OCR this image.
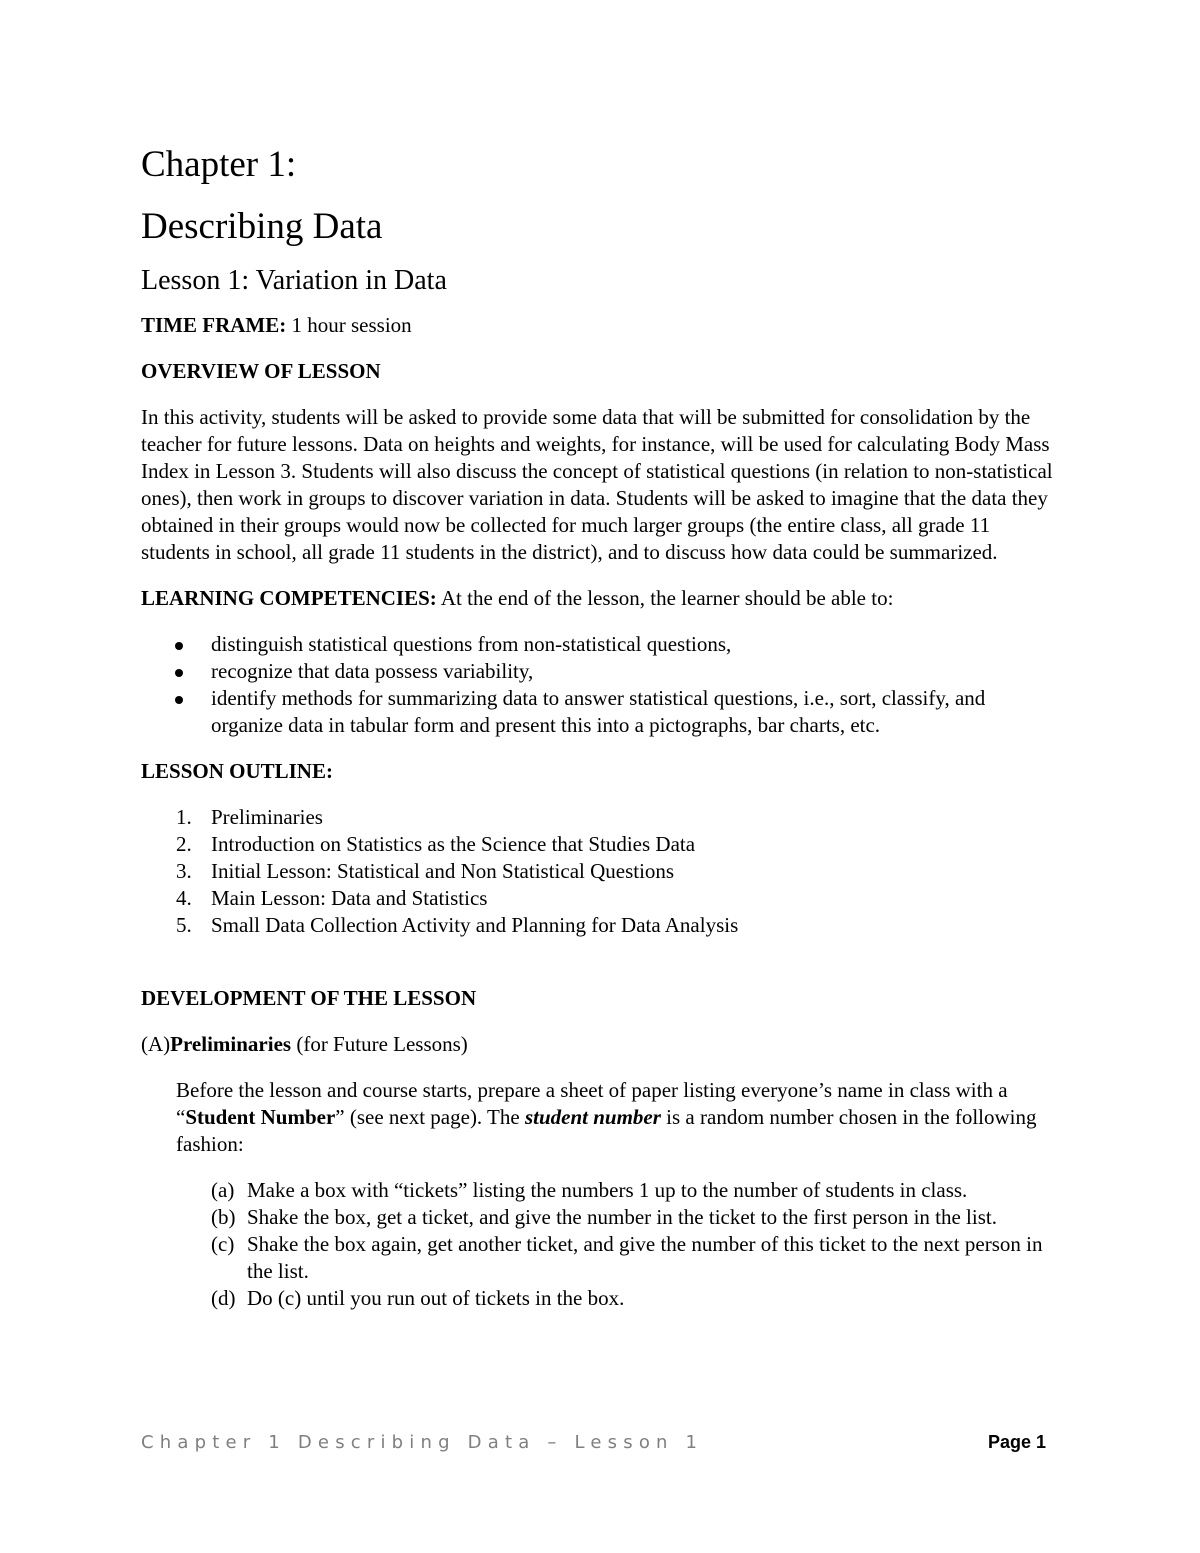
Chapter 1:
Describing Data
Lesson 1: Variation in Data
TIME FRAME: 1 hour session
OVERVIEW OF LESSON
In this activity, students will be asked to provide some data that will be submitted for consolidation by the teacher for future lessons. Data on heights and weights, for instance, will be used for calculating Body Mass Index in Lesson 3. Students will also discuss the concept of statistical questions (in relation to non-statistical ones), then work in groups to discover variation in data. Students will be asked to imagine that the data they obtained in their groups would now be collected for much larger groups (the entire class, all grade 11 students in school, all grade 11 students in the district), and to discuss how data could be summarized.
LEARNING COMPETENCIES: At the end of the lesson, the learner should be able to:
distinguish statistical questions from non-statistical questions,
recognize that data possess variability,
identify methods for summarizing data to answer statistical questions, i.e., sort, classify, and organize data in tabular form and present this into a pictographs, bar charts, etc.
LESSON OUTLINE:
1. Preliminaries
2. Introduction on Statistics as the Science that Studies Data
3. Initial Lesson: Statistical and Non Statistical Questions
4. Main Lesson: Data and Statistics
5. Small Data Collection Activity and Planning for Data Analysis
DEVELOPMENT OF THE LESSON
(A)Preliminaries (for Future Lessons)
Before the lesson and course starts, prepare a sheet of paper listing everyone’s name in class with a “Student Number” (see next page). The student number is a random number chosen in the following fashion:
(a) Make a box with “tickets” listing the numbers 1 up to the number of students in class.
(b) Shake the box, get a ticket, and give the number in the ticket to the first person in the list.
(c) Shake the box again, get another ticket, and give the number of this ticket to the next person in the list.
(d) Do (c) until you run out of tickets in the box.
Chapter 1 Describing Data – Lesson 1	Page 1
